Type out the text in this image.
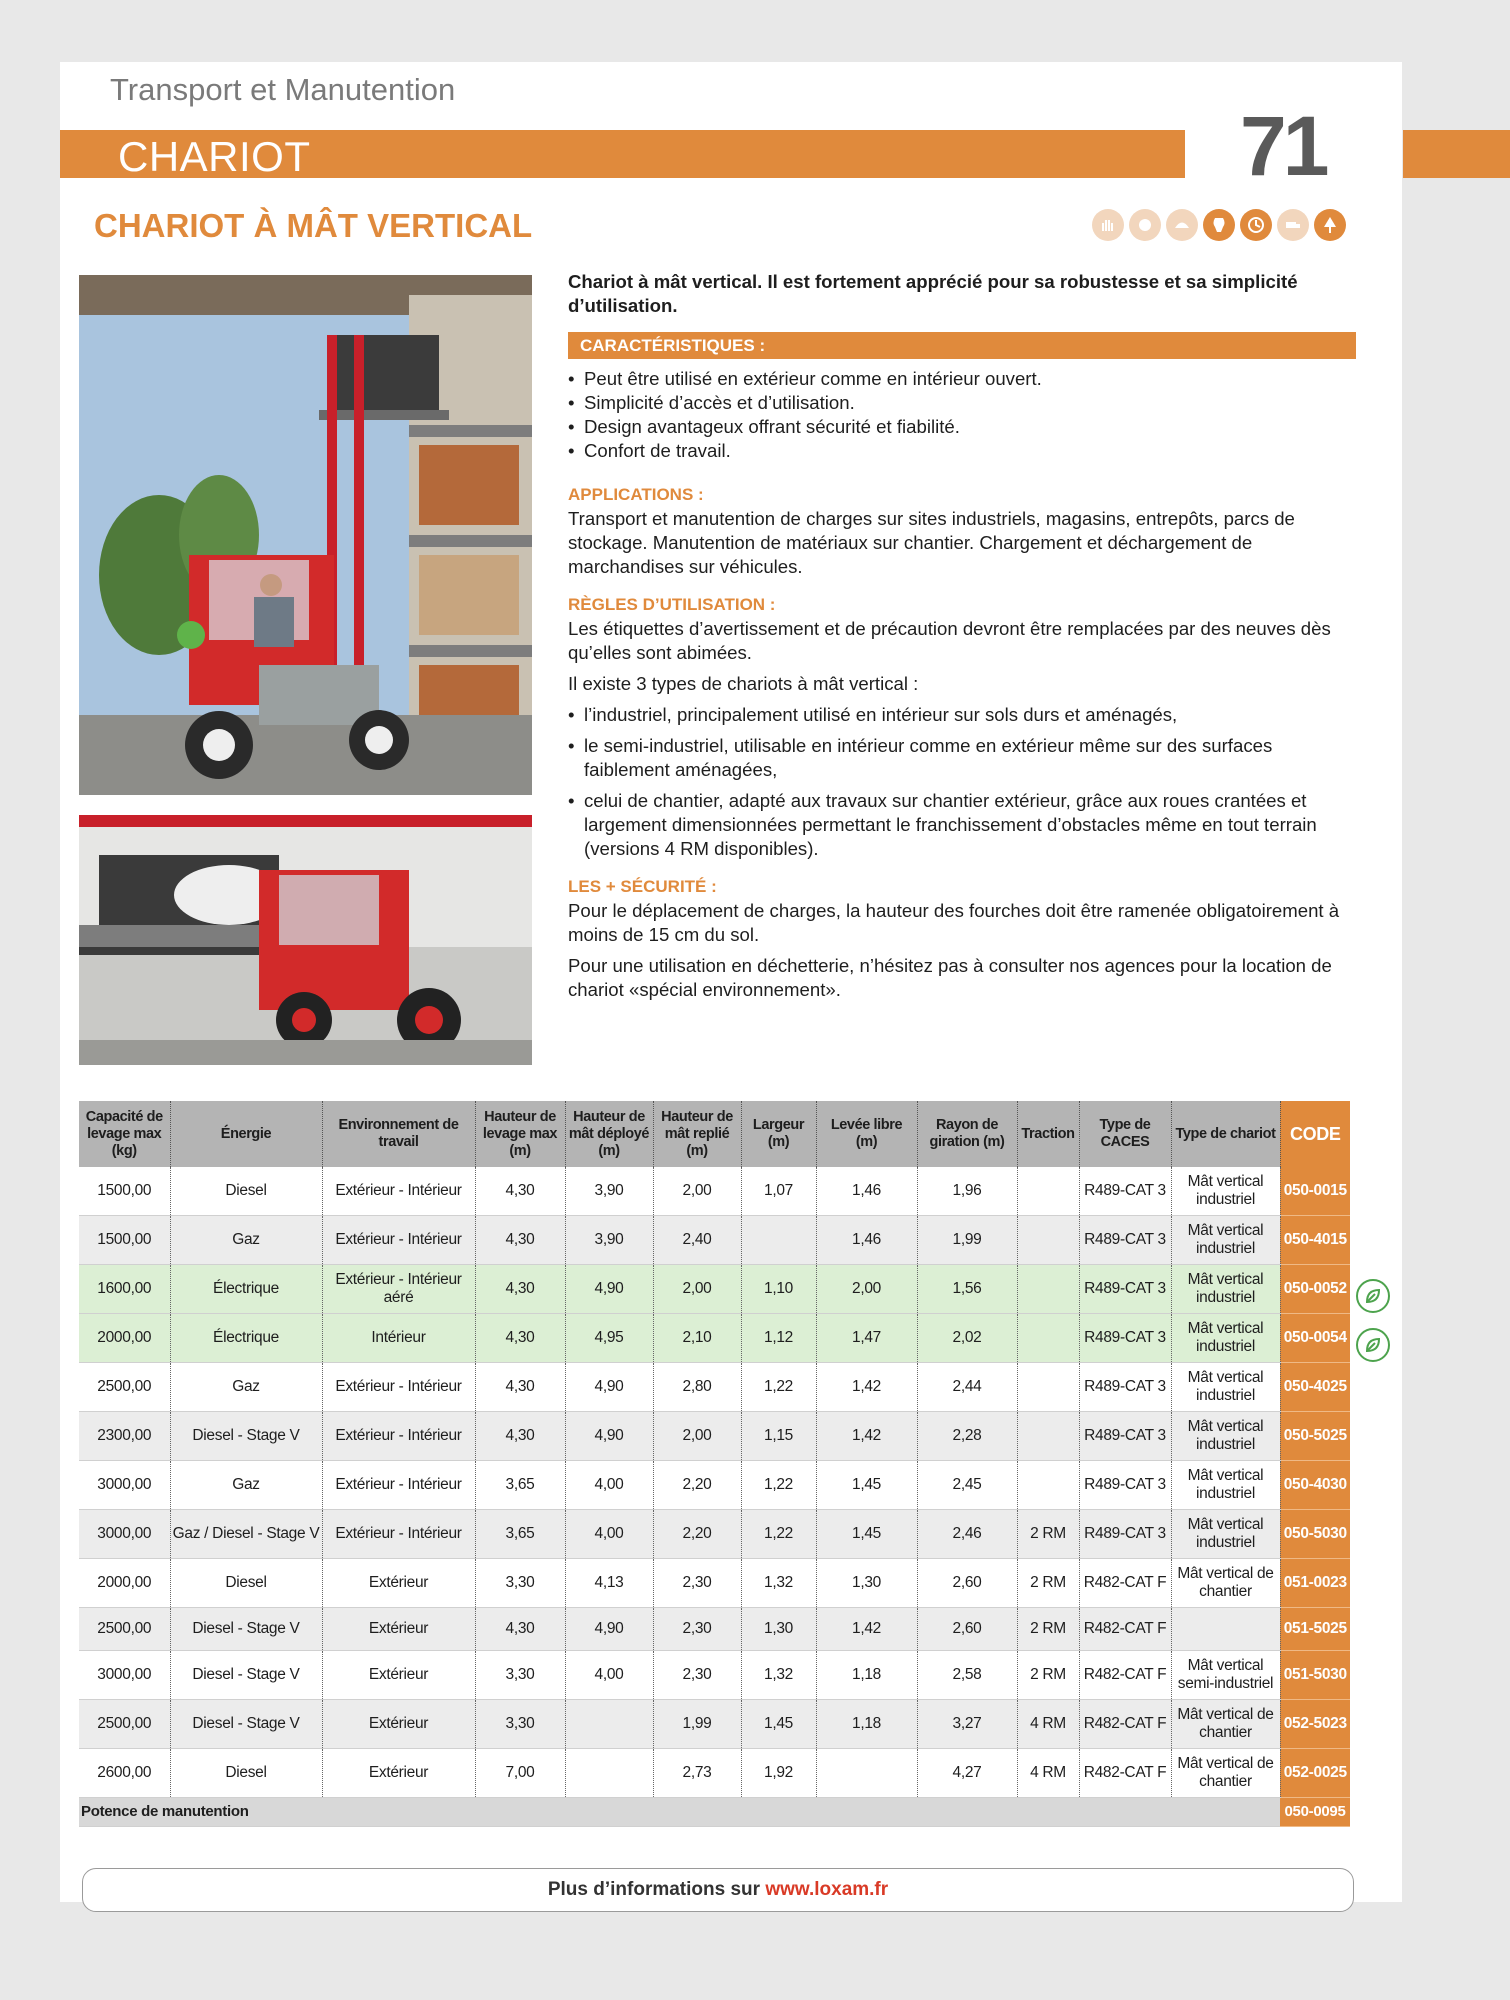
Transport et Manutention
CHARIOT	71
CHARIOT À MÂT VERTICAL

Chariot à mât vertical. Il est fortement apprécié pour sa robustesse et sa simplicité d’utilisation.

CARACTÉRISTIQUES :
• Peut être utilisé en extérieur comme en intérieur ouvert.
• Simplicité d’accès et d’utilisation.
• Design avantageux offrant sécurité et fiabilité.
• Confort de travail.

APPLICATIONS :

Transport et manutention de charges sur sites industriels, magasins, entrepôts, parcs de stockage. Manutention de matériaux sur chantier. Chargement et déchargement de marchandises sur véhicules.

RÈGLES D’UTILISATION :

Les étiquettes d’avertissement et de précaution devront être remplacées par des neuves dès qu’elles sont abimées.

Il existe 3 types de chariots à mât vertical :

• l’industriel, principalement utilisé en intérieur sur sols durs et aménagés,
• le semi-industriel, utilisable en intérieur comme en extérieur même sur des surfaces faiblement aménagées,
• celui de chantier, adapté aux travaux sur chantier extérieur, grâce aux roues crantées et largement dimensionnées permettant le franchissement d’obstacles même en tout terrain (versions 4 RM disponibles).

LES + SÉCURITÉ :

Pour le déplacement de charges, la hauteur des fourches doit être ramenée obligatoirement à moins de 15 cm du sol.

Pour une utilisation en déchetterie, n’hésitez pas à consulter nos agences pour la location de chariot «spécial environnement».

Capacité de levage max (kg)	Énergie	Environnement de travail	Hauteur de levage max (m)	Hauteur de mât déployé (m)	Hauteur de mât replié (m)	Largeur (m)	Levée libre (m)	Rayon de giration (m)	Traction	Type de CACES	Type de chariot	CODE
1500,00	Diesel	Extérieur - Intérieur	4,30	3,90	2,00	1,07	1,46	1,96		R489-CAT 3	Mât vertical industriel	050-0015
1500,00	Gaz	Extérieur - Intérieur	4,30	3,90	2,40		1,46	1,99		R489-CAT 3	Mât vertical industriel	050-4015
1600,00	Électrique	Extérieur - Intérieur aéré	4,30	4,90	2,00	1,10	2,00	1,56		R489-CAT 3	Mât vertical industriel	050-0052
2000,00	Électrique	Intérieur	4,30	4,95	2,10	1,12	1,47	2,02		R489-CAT 3	Mât vertical industriel	050-0054
2500,00	Gaz	Extérieur - Intérieur	4,30	4,90	2,80	1,22	1,42	2,44		R489-CAT 3	Mât vertical industriel	050-4025
2300,00	Diesel - Stage V	Extérieur - Intérieur	4,30	4,90	2,00	1,15	1,42	2,28		R489-CAT 3	Mât vertical industriel	050-5025
3000,00	Gaz	Extérieur - Intérieur	3,65	4,00	2,20	1,22	1,45	2,45		R489-CAT 3	Mât vertical industriel	050-4030
3000,00	Gaz / Diesel - Stage V	Extérieur - Intérieur	3,65	4,00	2,20	1,22	1,45	2,46	2 RM	R489-CAT 3	Mât vertical industriel	050-5030
2000,00	Diesel	Extérieur	3,30	4,13	2,30	1,32	1,30	2,60	2 RM	R482-CAT F	Mât vertical de chantier	051-0023
2500,00	Diesel - Stage V	Extérieur	4,30	4,90	2,30	1,30	1,42	2,60	2 RM	R482-CAT F		051-5025
3000,00	Diesel - Stage V	Extérieur	3,30	4,00	2,30	1,32	1,18	2,58	2 RM	R482-CAT F	Mât vertical semi-industriel	051-5030
2500,00	Diesel - Stage V	Extérieur	3,30		1,99	1,45	1,18	3,27	4 RM	R482-CAT F	Mât vertical de chantier	052-5023
2600,00	Diesel	Extérieur	7,00		2,73	1,92		4,27	4 RM	R482-CAT F	Mât vertical de chantier	052-0025
Potence de manutention												050-0095
Plus d’informations sur www.loxam.fr
